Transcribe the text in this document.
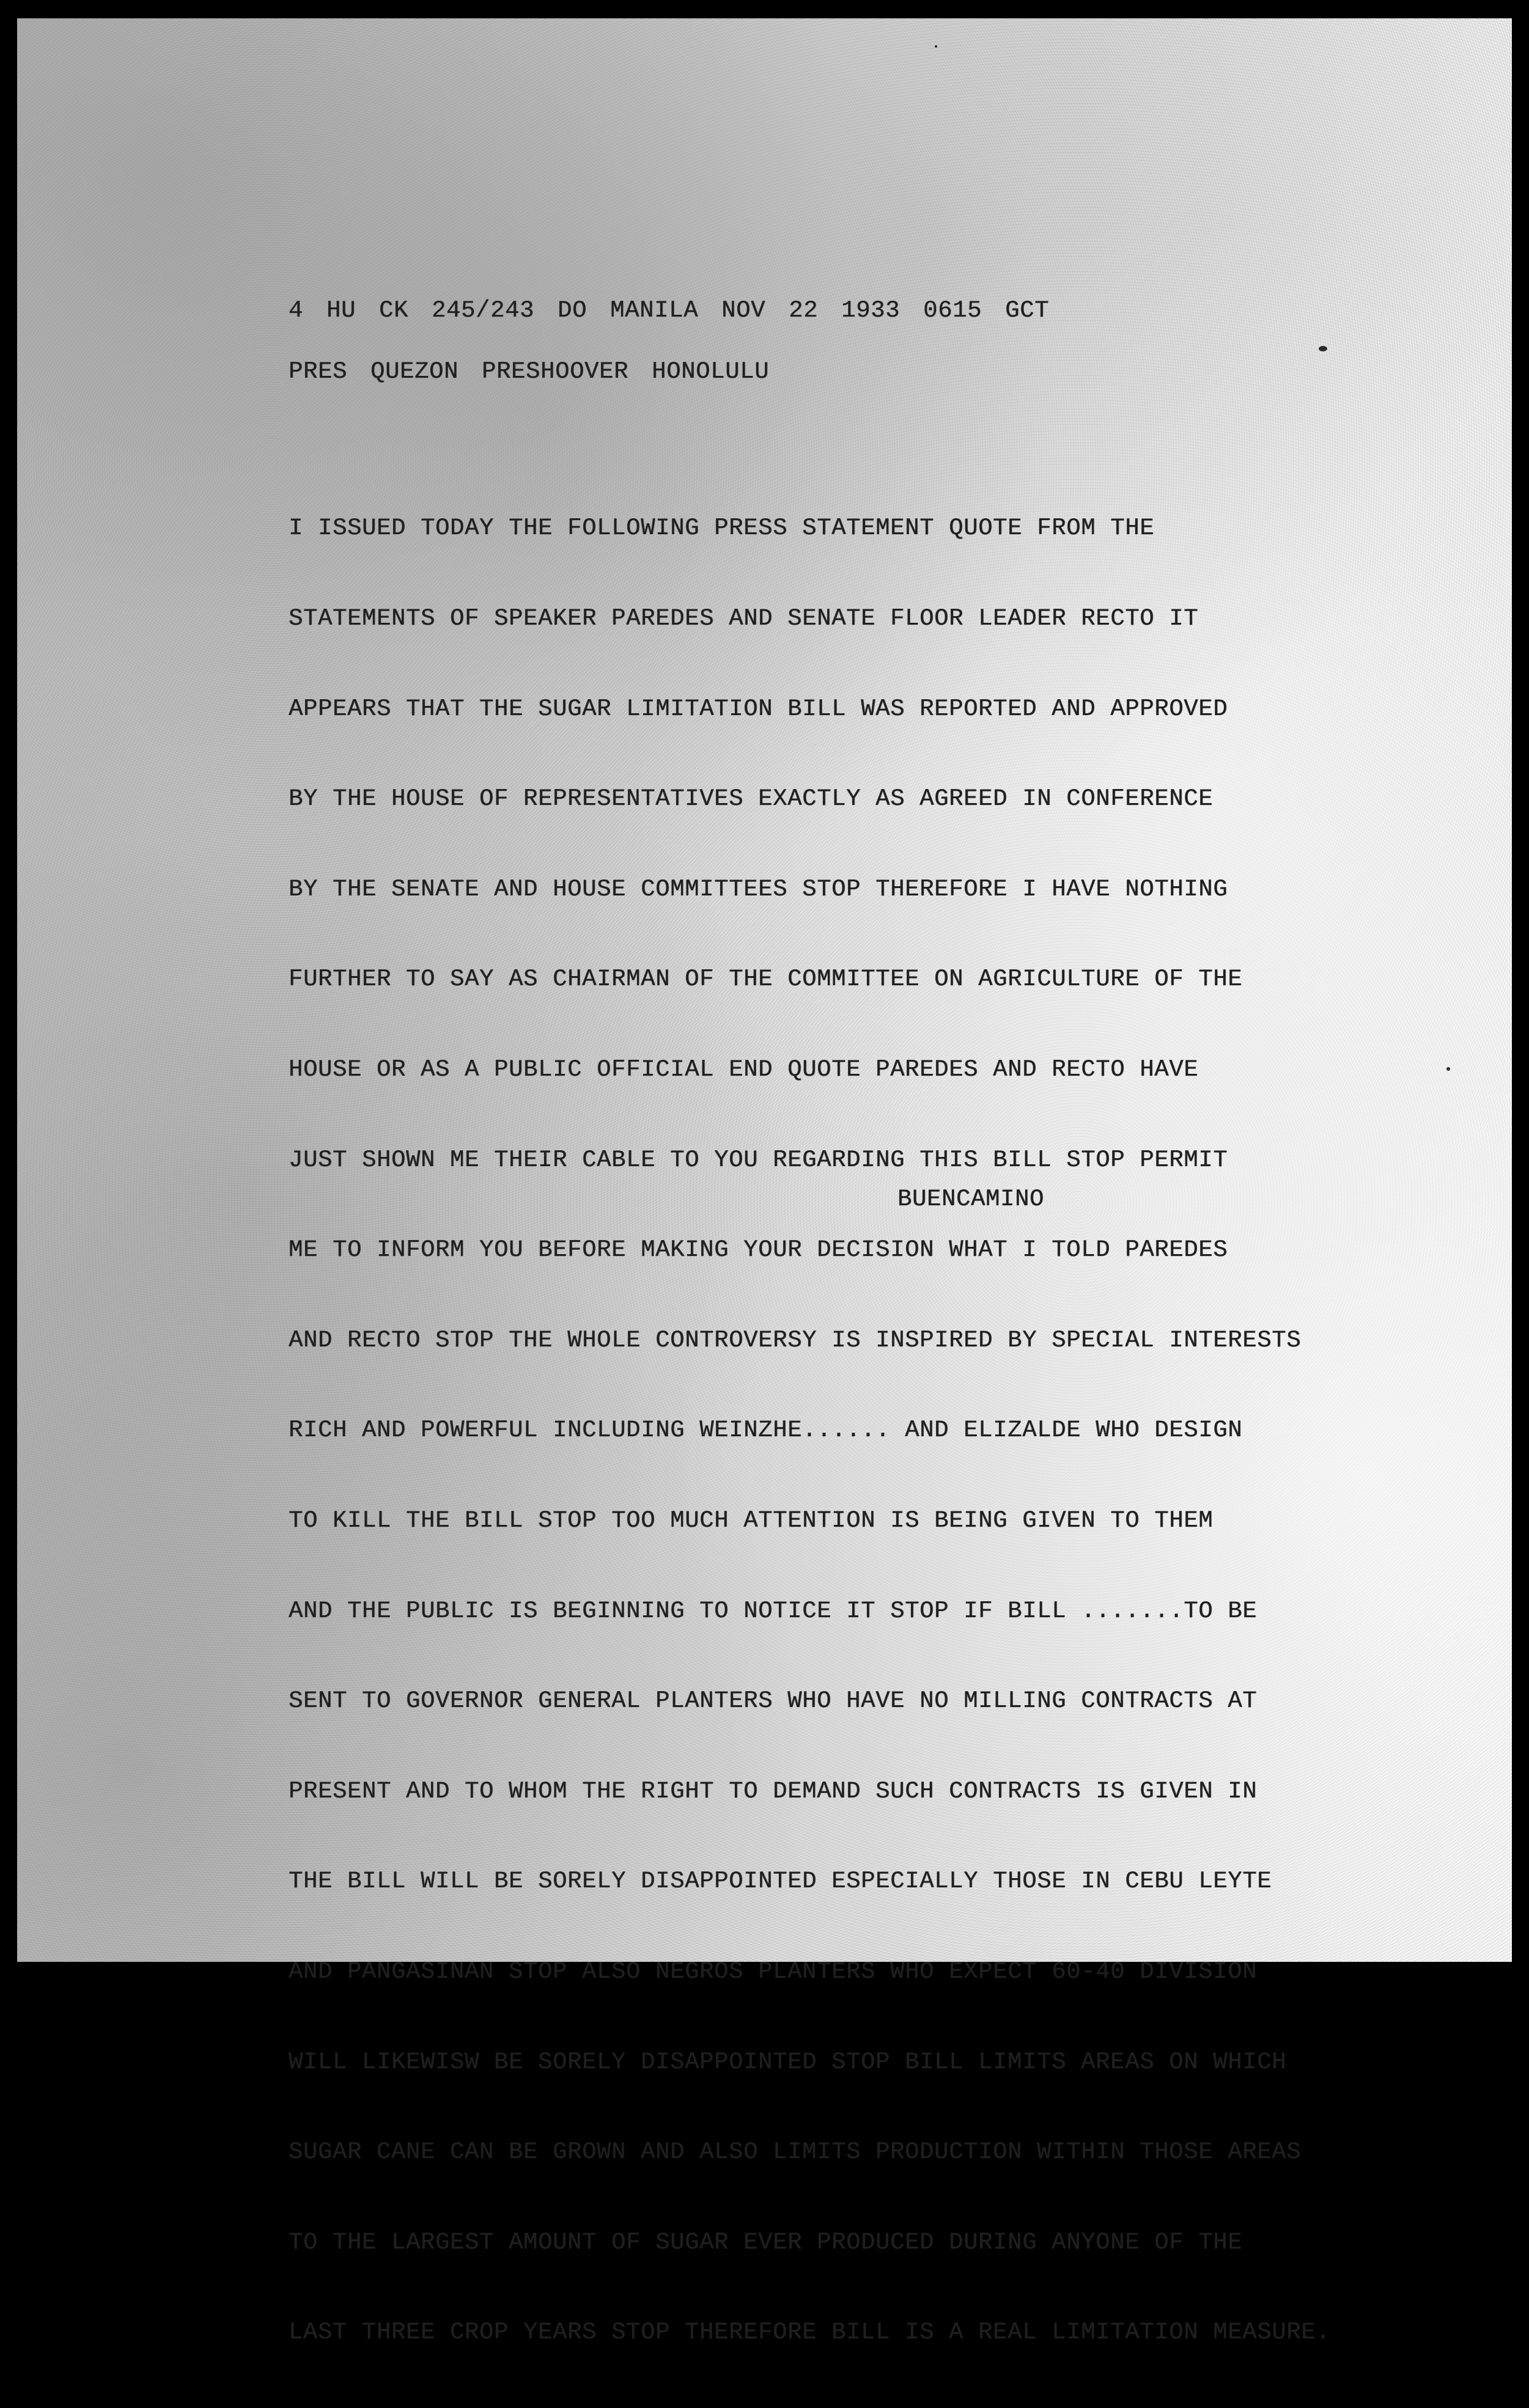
4 HU CK 245/243 DO MANILA NOV 22 1933 0615 GCT

PRES QUEZON PRESHOOVER HONOLULU

I ISSUED TODAY THE FOLLOWING PRESS STATEMENT QUOTE FROM THE

STATEMENTS OF SPEAKER PAREDES AND SENATE FLOOR LEADER RECTO IT

APPEARS THAT THE SUGAR LIMITATION BILL WAS REPORTED AND APPROVED

BY THE HOUSE OF REPRESENTATIVES EXACTLY AS AGREED IN CONFERENCE

BY THE SENATE AND HOUSE COMMITTEES STOP THEREFORE I HAVE NOTHING

FURTHER TO SAY AS CHAIRMAN OF THE COMMITTEE ON AGRICULTURE OF THE

HOUSE OR AS A PUBLIC OFFICIAL END QUOTE PAREDES AND RECTO HAVE

JUST SHOWN ME THEIR CABLE TO YOU REGARDING THIS BILL STOP PERMIT

ME TO INFORM YOU BEFORE MAKING YOUR DECISION WHAT I TOLD PAREDES

AND RECTO STOP THE WHOLE CONTROVERSY IS INSPIRED BY SPECIAL INTERESTS

RICH AND POWERFUL INCLUDING WEINZHE...... AND ELIZALDE WHO DESIGN

TO KILL THE BILL STOP TOO MUCH ATTENTION IS BEING GIVEN TO THEM

AND THE PUBLIC IS BEGINNING TO NOTICE IT STOP IF BILL .......TO BE

SENT TO GOVERNOR GENERAL PLANTERS WHO HAVE NO MILLING CONTRACTS AT

PRESENT AND TO WHOM THE RIGHT TO DEMAND SUCH CONTRACTS IS GIVEN IN

THE BILL WILL BE SORELY DISAPPOINTED ESPECIALLY THOSE IN CEBU LEYTE

AND PANGASINAN STOP ALSO NEGROS PLANTERS WHO EXPECT 60-40 DIVISION

WILL LIKEWISW BE SORELY DISAPPOINTED STOP BILL LIMITS AREAS ON WHICH

SUGAR CANE CAN BE GROWN AND ALSO LIMITS PRODUCTION WITHIN THOSE AREAS

TO THE LARGEST AMOUNT OF SUGAR EVER PRODUCED DURING ANYONE OF THE

LAST THREE CROP YEARS STOP THEREFORE BILL IS A REAL LIMITATION MEASURE.

BUENCAMINO
